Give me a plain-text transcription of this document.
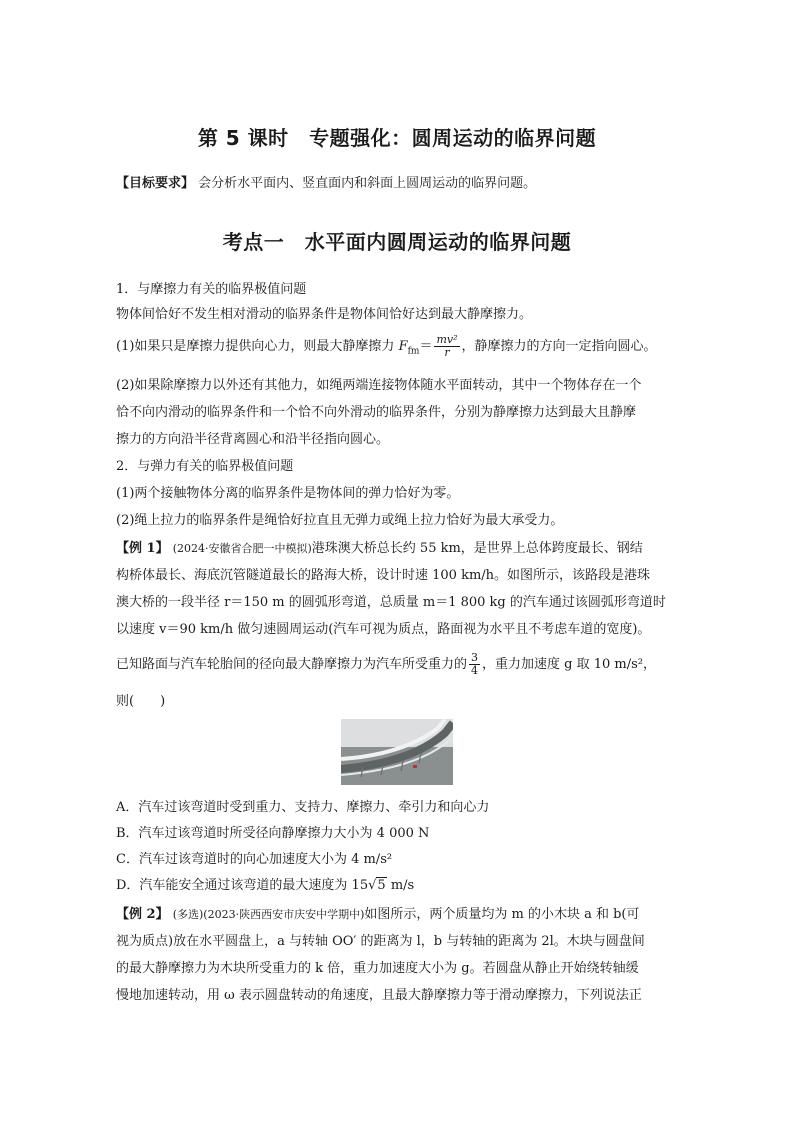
第 5 课时　专题强化：圆周运动的临界问题
【目标要求】 会分析水平面内、竖直面内和斜面上圆周运动的临界问题。
考点一　水平面内圆周运动的临界问题
1．与摩擦力有关的临界极值问题
物体间恰好不发生相对滑动的临界条件是物体间恰好达到最大静摩擦力。
(1)如果只是摩擦力提供向心力，则最大静摩擦力 $F_{fm}= \frac{\text{mv²}}{r}$ ，静摩擦力的方向一定指向圆心。
(2)如果除摩擦力以外还有其他力，如绳两端连接物体随水平面转动，其中一个物体存在一个
恰不向内滑动的临界条件和一个恰不向外滑动的临界条件，分别为静摩擦力达到最大且静摩
擦力的方向沿半径背离圆心和沿半径指向圆心。
2．与弹力有关的临界极值问题
(1)两个接触物体分离的临界条件是物体间的弹力恰好为零。
(2)绳上拉力的临界条件是绳恰好拉直且无弹力或绳上拉力恰好为最大承受力。
【例 1】 (2024·安徽省合肥一中模拟)港珠澳大桥总长约 55 km，是世界上总体跨度最长、钢结
构桥体最长、海底沉管隧道最长的路海大桥，设计时速 100 km/h。如图所示，该路段是港珠
澳大桥的一段半径 r＝150 m 的圆弧形弯道，总质量 m＝1 800 kg 的汽车通过该圆弧形弯道时
以速度 v＝90 km/h 做匀速圆周运动(汽车可视为质点，路面视为水平且不考虑车道的宽度)。
已知路面与汽车轮胎间的径向最大静摩擦力为汽车所受重力的 $\frac{3}{4}$ ，重力加速度 g 取 10 m/s²，
则(　　)
A．汽车过该弯道时受到重力、支持力、摩擦力、牵引力和向心力
B．汽车过该弯道时所受径向静摩擦力大小为 4 000 N
C．汽车过该弯道时的向心加速度大小为 4 m/s²
D．汽车能安全通过该弯道的最大速度为 15√5 m/s
【例 2】 (多选)(2023·陕西西安市庆安中学期中)如图所示，两个质量均为 m 的小木块 a 和 b(可
视为质点)放在水平圆盘上，a 与转轴 OO′ 的距离为 l，b 与转轴的距离为 2l。木块与圆盘间
的最大静摩擦力为木块所受重力的 k 倍，重力加速度大小为 g。若圆盘从静止开始绕转轴缓
慢地加速转动，用 ω 表示圆盘转动的角速度，且最大静摩擦力等于滑动摩擦力，下列说法正
